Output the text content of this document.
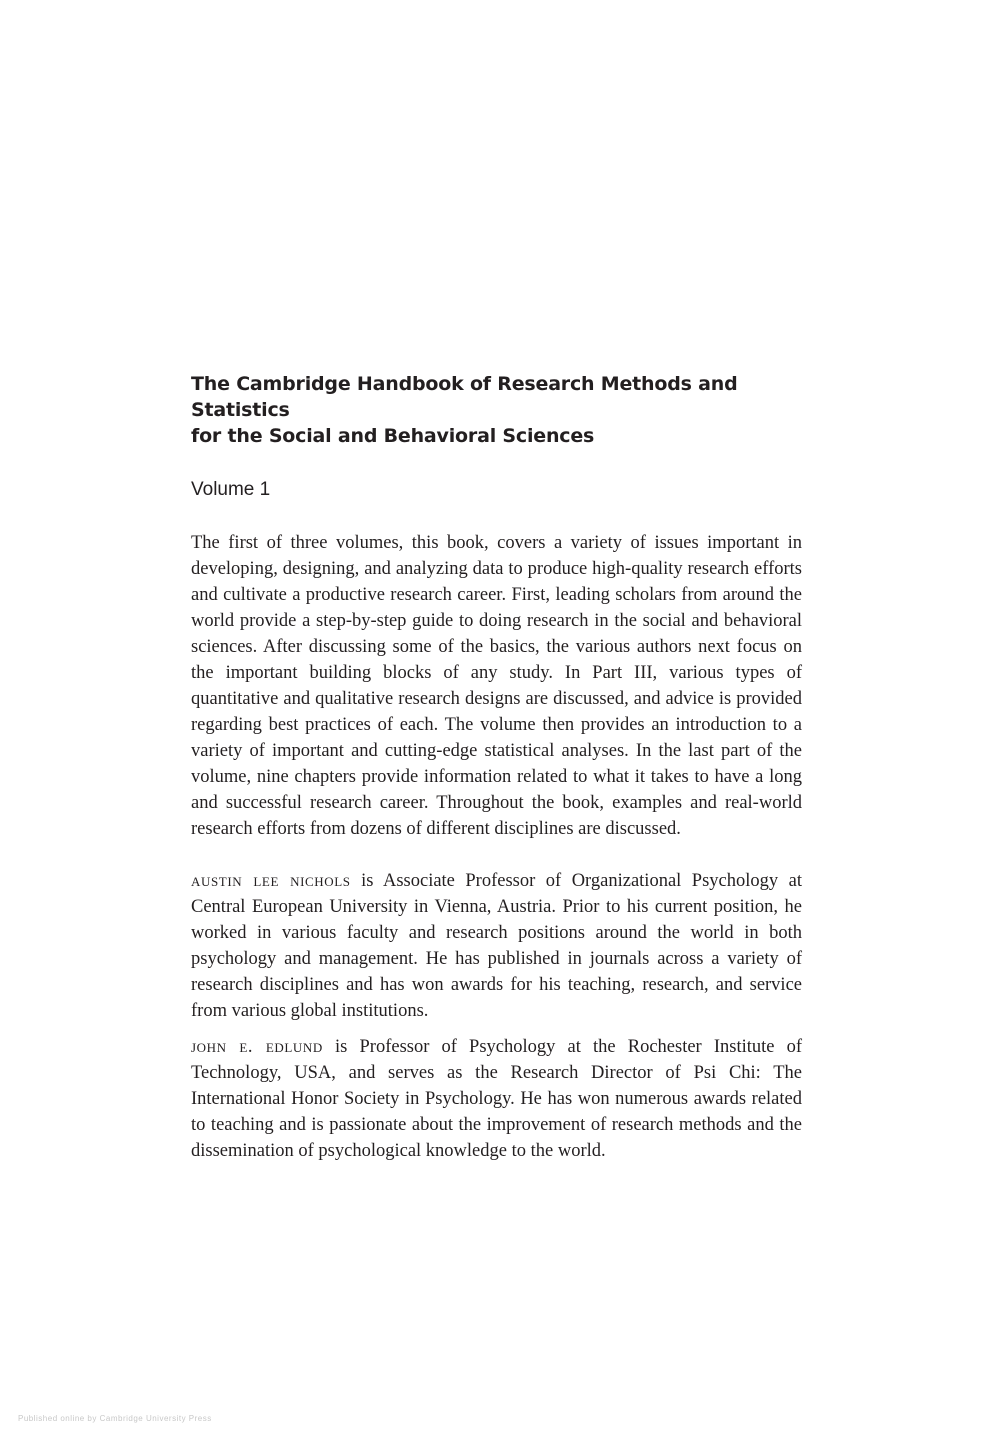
The Cambridge Handbook of Research Methods and Statistics
for the Social and Behavioral Sciences

Volume 1

The first of three volumes, this book, covers a variety of issues important in developing, designing, and analyzing data to produce high-quality research efforts and cultivate a productive research career. First, leading scholars from around the world provide a step-by-step guide to doing research in the social and behavioral sciences. After discussing some of the basics, the various authors next focus on the important building blocks of any study. In Part III, various types of quantitative and qualitative research designs are discussed, and advice is provided regarding best practices of each. The volume then provides an introduction to a variety of important and cutting-edge statistical analyses. In the last part of the volume, nine chapters provide information related to what it takes to have a long and successful research career. Throughout the book, examples and real-world research efforts from dozens of different disciplines are discussed.

austin lee nichols is Associate Professor of Organizational Psychology at Central European University in Vienna, Austria. Prior to his current position, he worked in various faculty and research positions around the world in both psychology and management. He has published in journals across a variety of research disciplines and has won awards for his teaching, research, and service from various global institutions.

john e. edlund is Professor of Psychology at the Rochester Institute of Technology, USA, and serves as the Research Director of Psi Chi: The International Honor Society in Psychology. He has won numerous awards related to teaching and is passionate about the improvement of research methods and the dissemination of psychological knowledge to the world.

Published online by Cambridge University Press
